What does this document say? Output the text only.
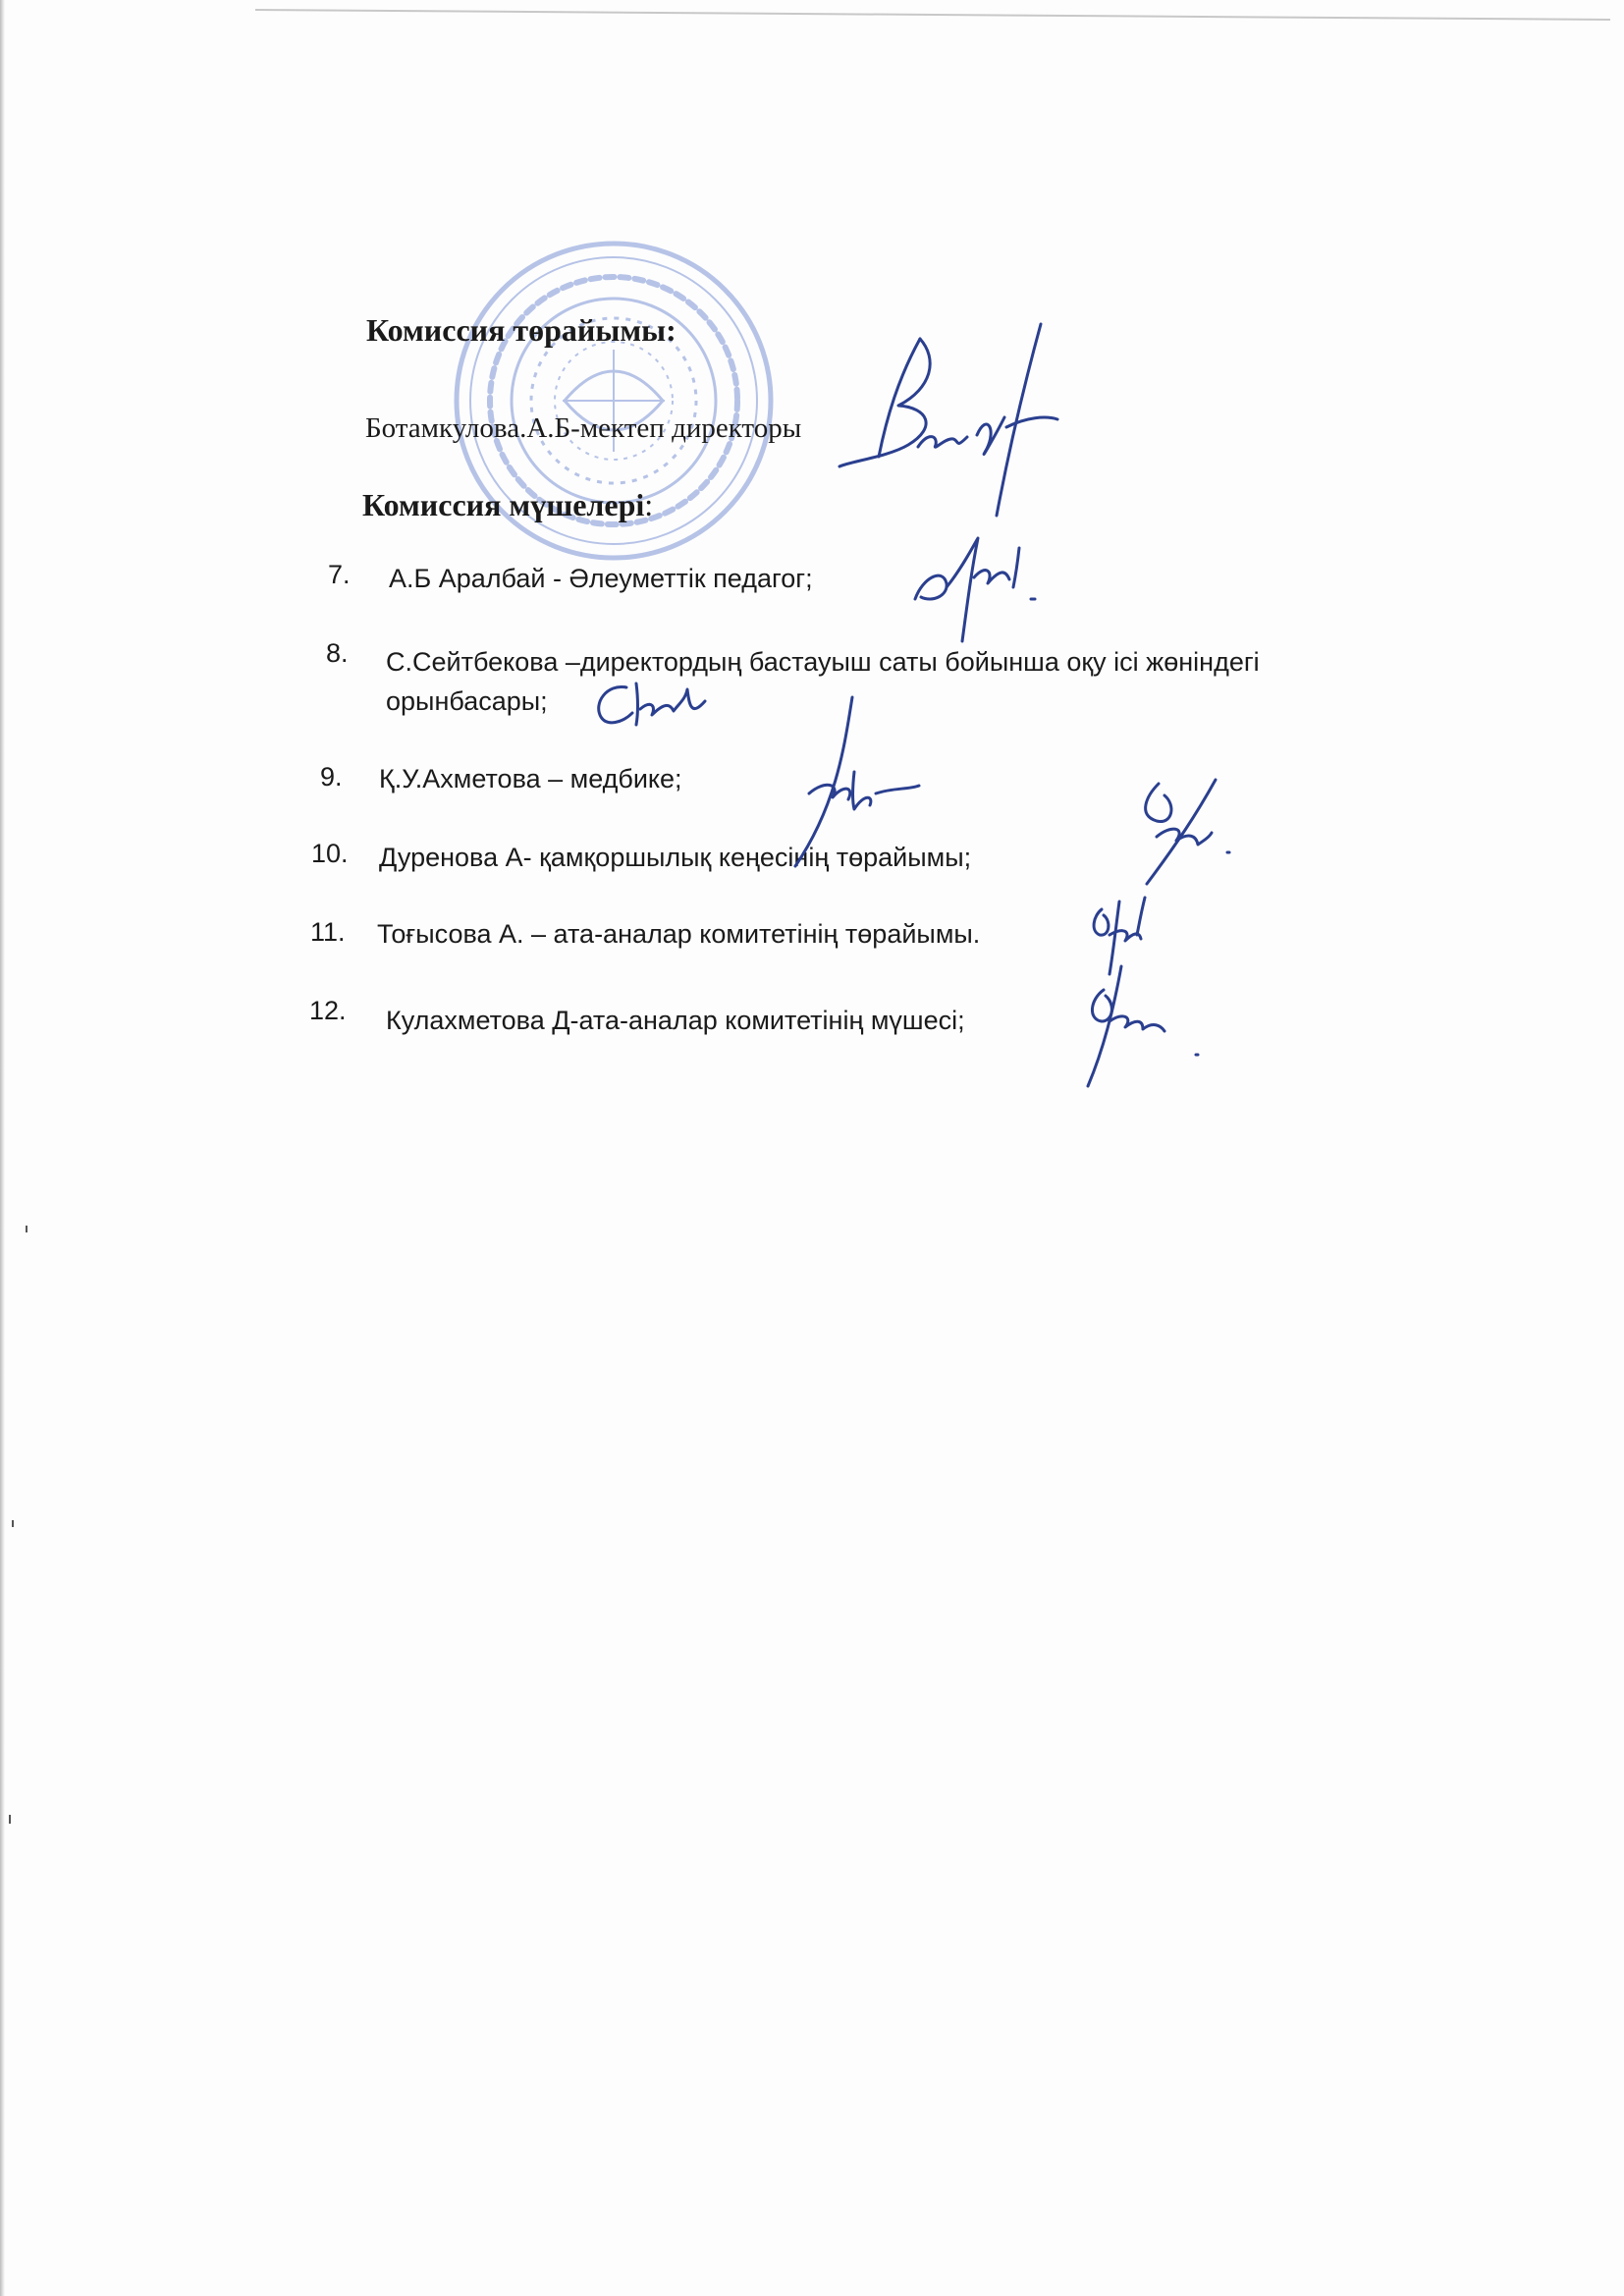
Комиссия төрайымы:
Ботамкулова.А.Б-мектеп директоры
Комиссия мүшелері:
7. А.Б Аралбай - Әлеуметтік педагог;
8. С.Сейтбекова –директордың бастауыш саты бойынша оқу ісі жөніндегі орынбасары;
9. Қ.У.Ахметова – медбике;
10. Дуренова А- қамқоршылық кеңесінің төрайымы;
11. Тоғысова А. – ата-аналар комитетінің төрайымы.
12. Кулахметова Д-ата-аналар комитетінің мүшесі;
